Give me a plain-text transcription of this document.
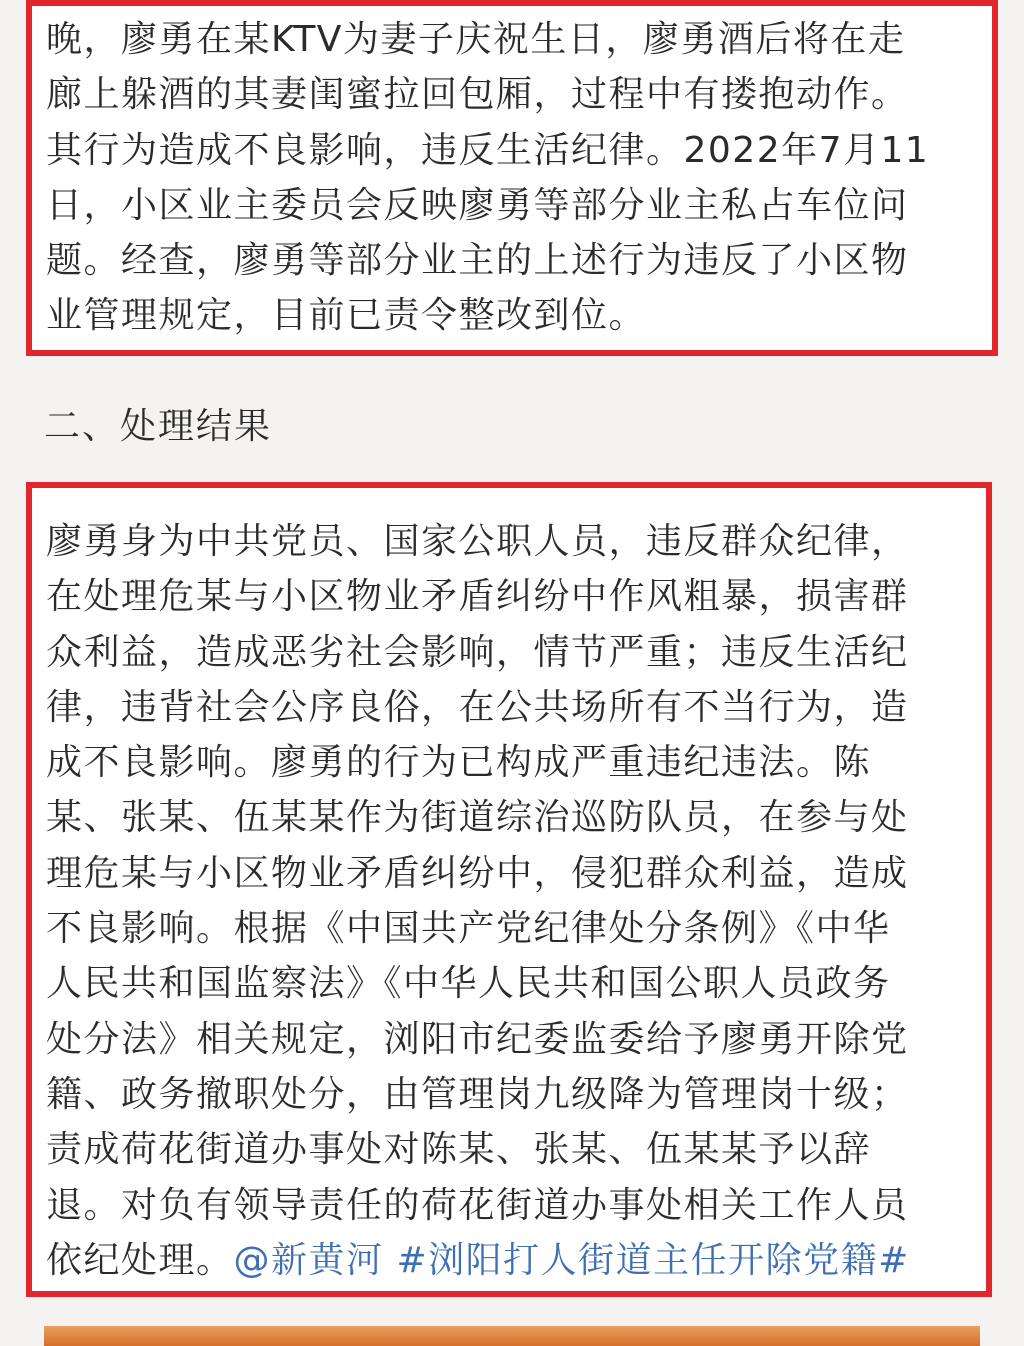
晚，廖勇在某KTV为妻子庆祝生日，廖勇酒后将在走
廊上躲酒的其妻闺蜜拉回包厢，过程中有搂抱动作。
其行为造成不良影响，违反生活纪律。2022年7月11
日，小区业主委员会反映廖勇等部分业主私占车位问
题。经查，廖勇等部分业主的上述行为违反了小区物
业管理规定，目前已责令整改到位。
二、处理结果
廖勇身为中共党员、国家公职人员，违反群众纪律，
在处理危某与小区物业矛盾纠纷中作风粗暴，损害群
众利益，造成恶劣社会影响，情节严重；违反生活纪
律，违背社会公序良俗，在公共场所有不当行为，造
成不良影响。廖勇的行为已构成严重违纪违法。陈
某、张某、伍某某作为街道综治巡防队员，在参与处
理危某与小区物业矛盾纠纷中，侵犯群众利益，造成
不良影响。根据《中国共产党纪律处分条例》《中华
人民共和国监察法》《中华人民共和国公职人员政务
处分法》相关规定，浏阳市纪委监委给予廖勇开除党
籍、政务撤职处分，由管理岗九级降为管理岗十级；
责成荷花街道办事处对陈某、张某、伍某某予以辞
退。对负有领导责任的荷花街道办事处相关工作人员
依纪处理。@新黄河 #浏阳打人街道主任开除党籍#
